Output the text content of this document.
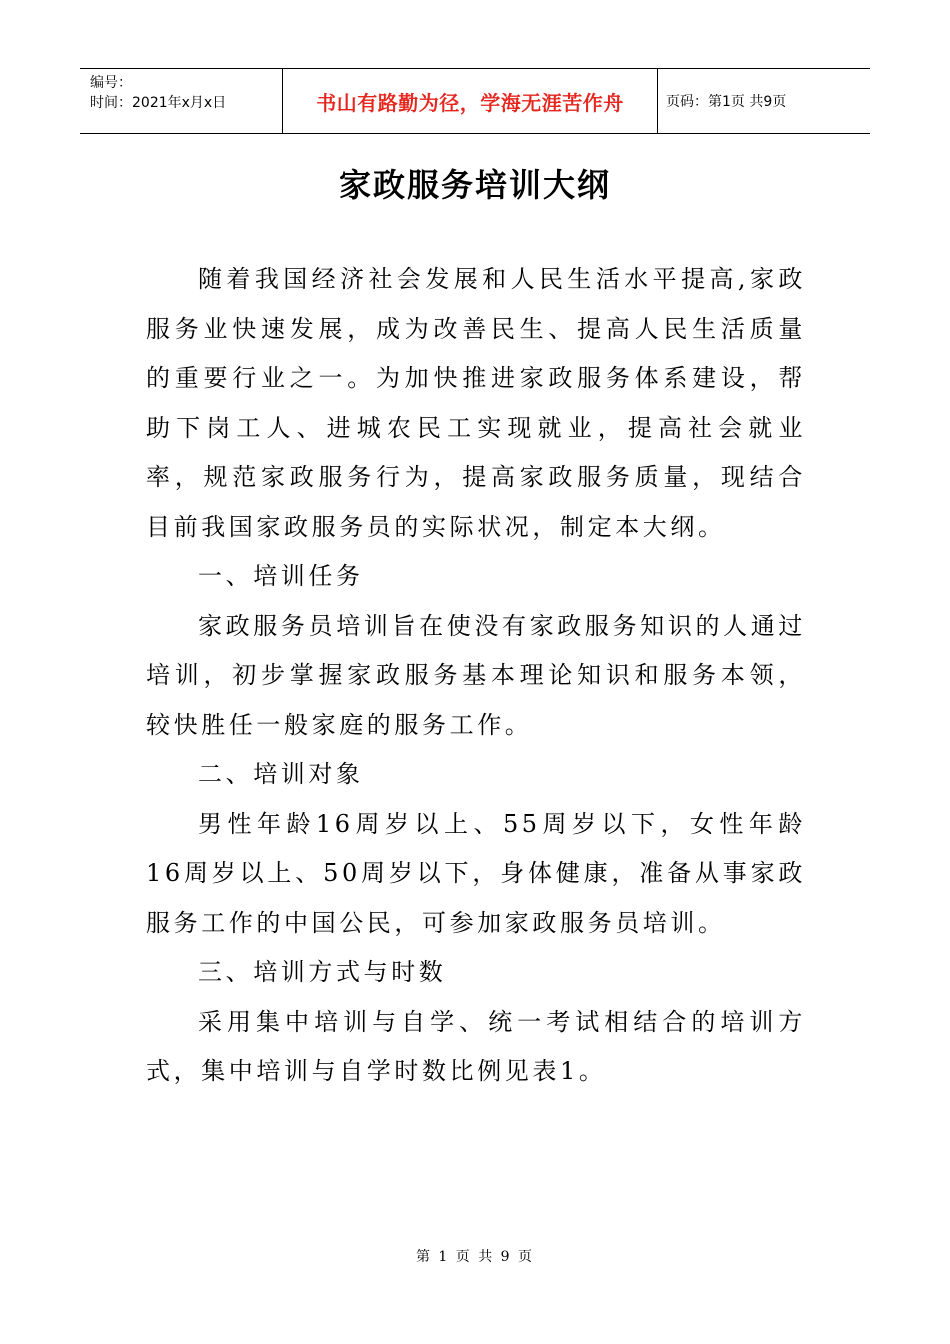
编号：
时间：2021年x月x日	书山有路勤为径，学海无涯苦作舟	页码：第1页 共9页
家政服务培训大纲

随着我国经济社会发展和人民生活水平提高,家政服务业快速发展，成为改善民生、提高人民生活质量的重要行业之一。为加快推进家政服务体系建设，帮助下岗工人、进城农民工实现就业，提高社会就业率，规范家政服务行为，提高家政服务质量，现结合目前我国家政服务员的实际状况，制定本大纲。

一、培训任务

家政服务员培训旨在使没有家政服务知识的人通过培训，初步掌握家政服务基本理论知识和服务本领，较快胜任一般家庭的服务工作。

二、培训对象

男性年龄16周岁以上、55周岁以下，女性年龄16周岁以上、50周岁以下，身体健康，准备从事家政服务工作的中国公民，可参加家政服务员培训。

三、培训方式与时数

采用集中培训与自学、统一考试相结合的培训方式，集中培训与自学时数比例见表1。

第 1 页 共 9 页
